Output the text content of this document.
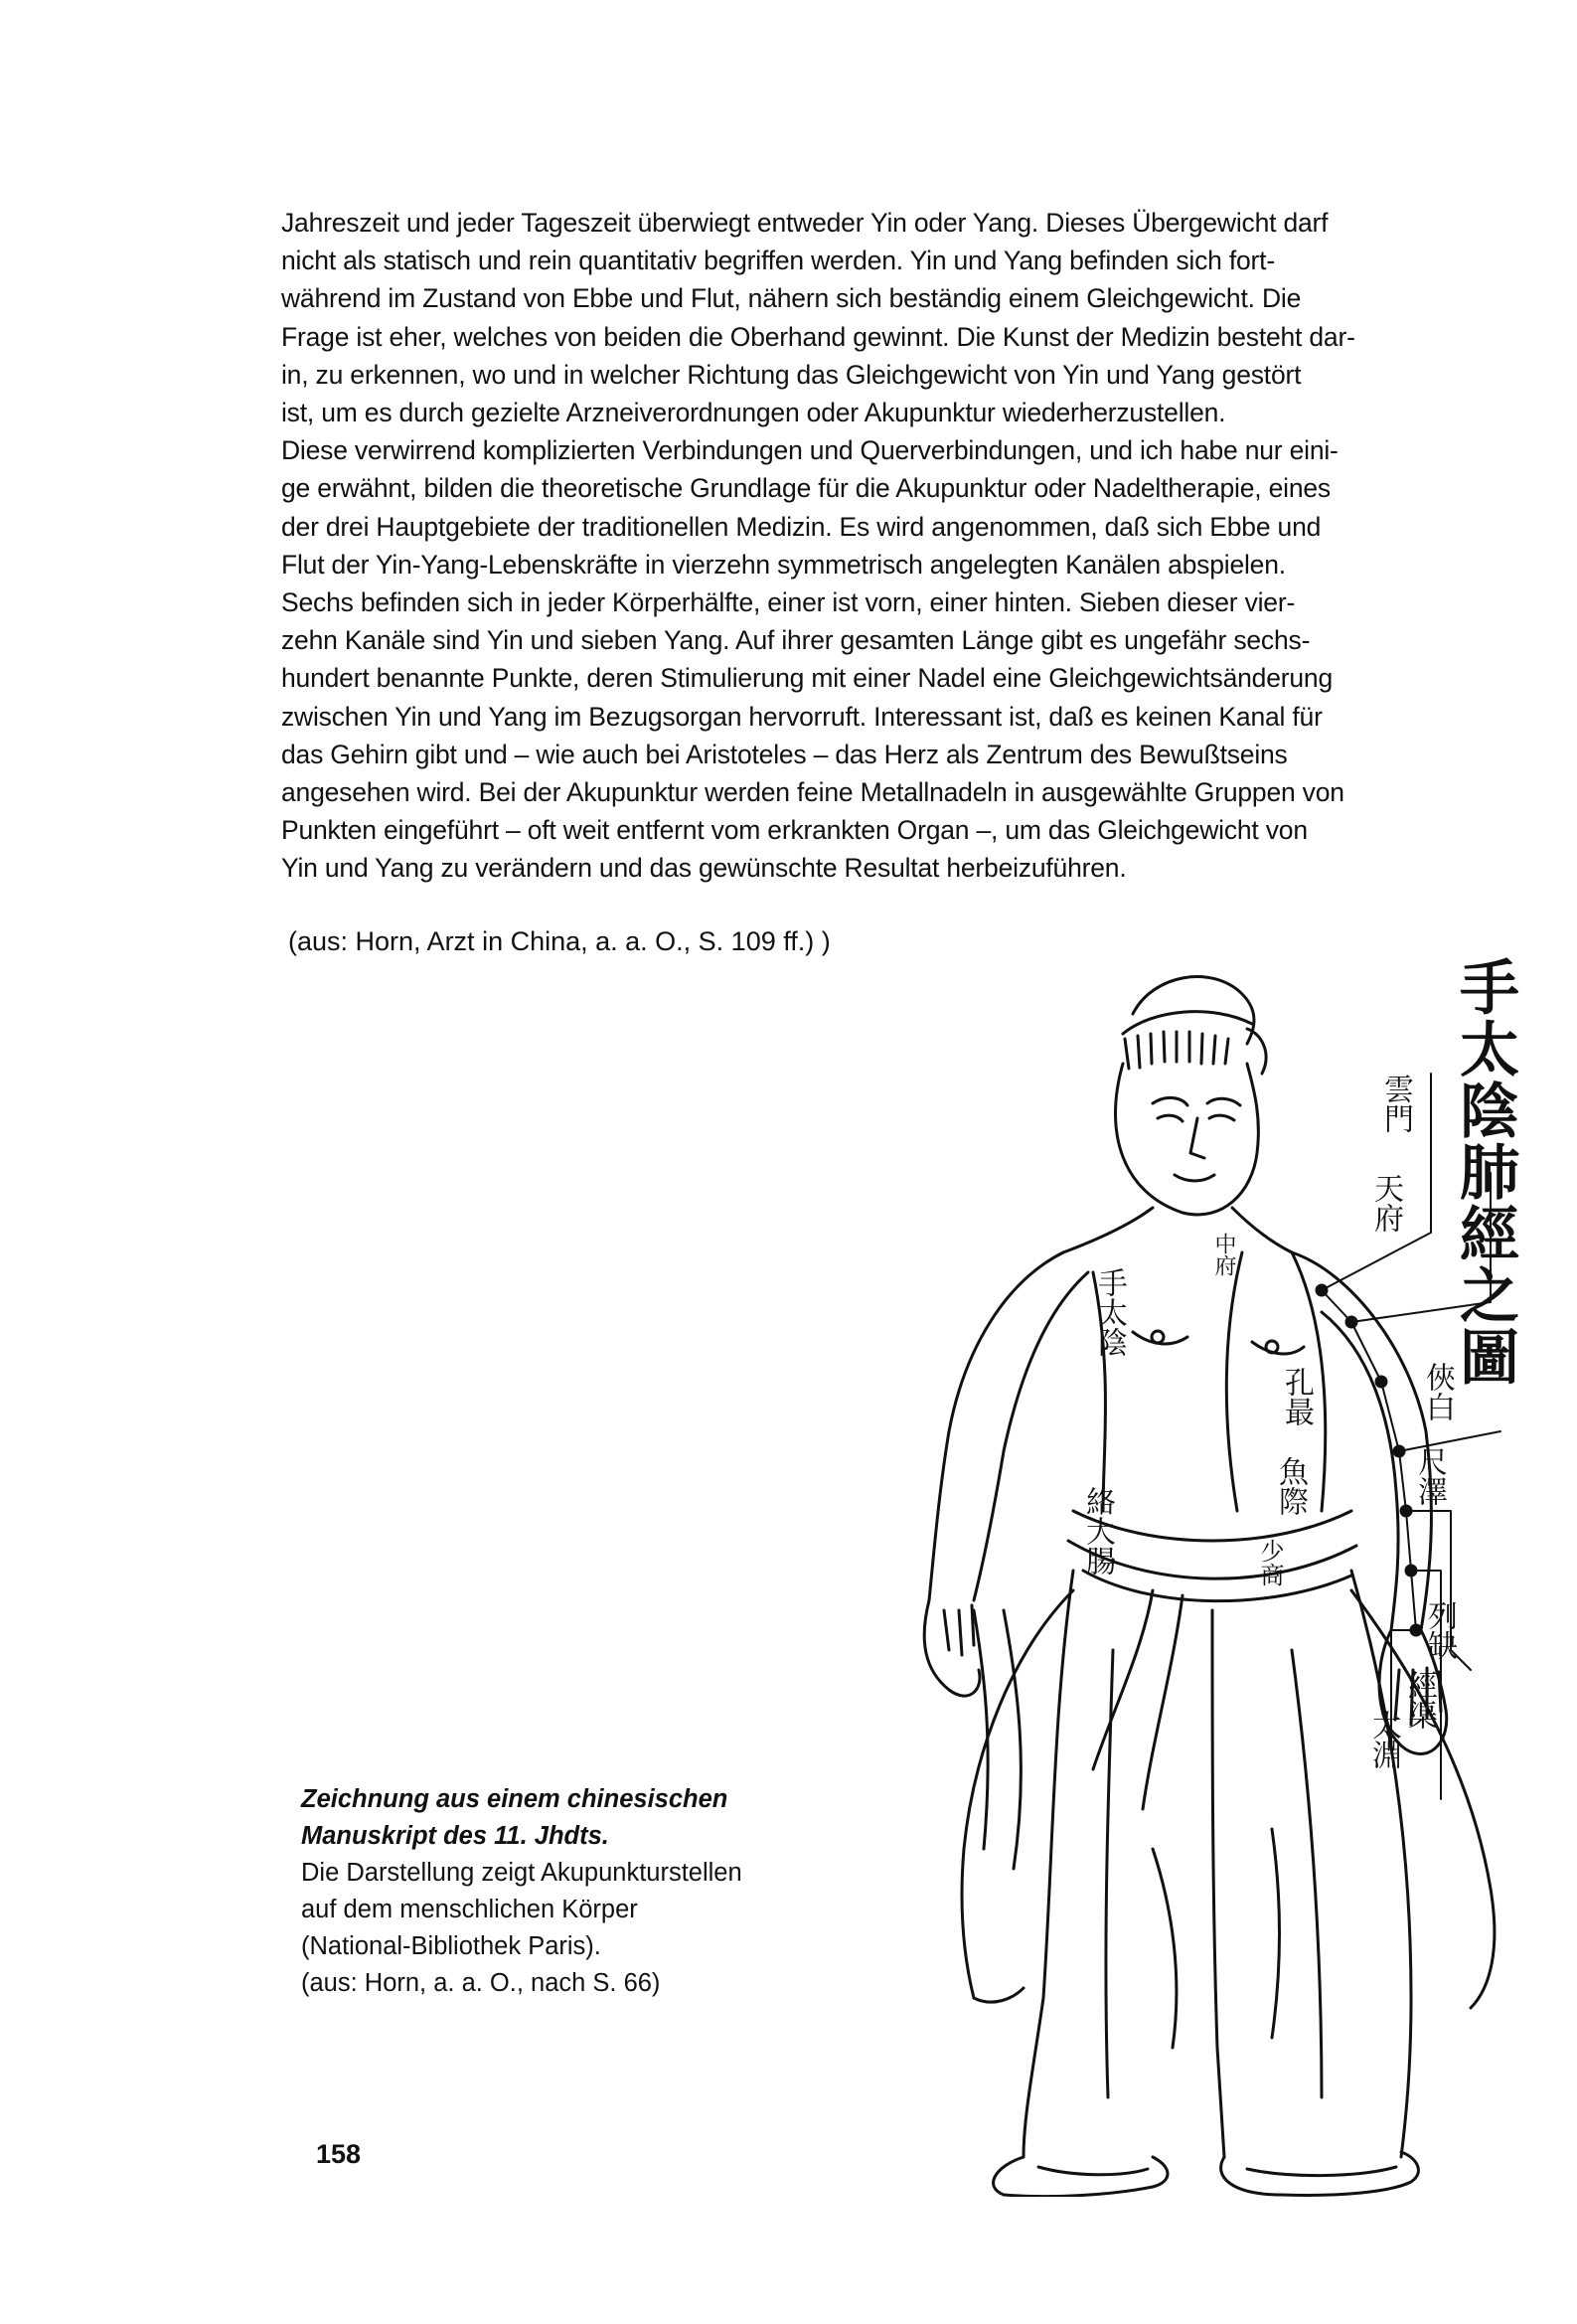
Jahreszeit und jeder Tageszeit überwiegt entweder Yin oder Yang. Dieses Übergewicht darf
nicht als statisch und rein quantitativ begriffen werden. Yin und Yang befinden sich fort-
während im Zustand von Ebbe und Flut, nähern sich beständig einem Gleichgewicht. Die
Frage ist eher, welches von beiden die Oberhand gewinnt. Die Kunst der Medizin besteht dar-
in, zu erkennen, wo und in welcher Richtung das Gleichgewicht von Yin und Yang gestört
ist, um es durch gezielte Arzneiverordnungen oder Akupunktur wiederherzustellen.

Diese verwirrend komplizierten Verbindungen und Querverbindungen, und ich habe nur eini-
ge erwähnt, bilden die theoretische Grundlage für die Akupunktur oder Nadeltherapie, eines
der drei Hauptgebiete der traditionellen Medizin. Es wird angenommen, daß sich Ebbe und
Flut der Yin-Yang-Lebenskräfte in vierzehn symmetrisch angelegten Kanälen abspielen.
Sechs befinden sich in jeder Körperhälfte, einer ist vorn, einer hinten. Sieben dieser vier-
zehn Kanäle sind Yin und sieben Yang. Auf ihrer gesamten Länge gibt es ungefähr sechs-
hundert benannte Punkte, deren Stimulierung mit einer Nadel eine Gleichgewichtsänderung
zwischen Yin und Yang im Bezugsorgan hervorruft. Interessant ist, daß es keinen Kanal für
das Gehirn gibt und – wie auch bei Aristoteles – das Herz als Zentrum des Bewußtseins
angesehen wird. Bei der Akupunktur werden feine Metallnadeln in ausgewählte Gruppen von
Punkten eingeführt – oft weit entfernt vom erkrankten Organ –, um das Gleichgewicht von
Yin und Yang zu verändern und das gewünschte Resultat herbeizuführen.

(aus: Horn, Arzt in China, a. a. O., S. 109 ff.) )
手太陰肺經之圖
雲門
天府
中府
俠白
尺澤
孔最
魚際
少商
列缺
經渠
太淵
手太陰
絡大腸

Zeichnung aus einem chinesischen

Manuskript des 11. Jhdts.

Die Darstellung zeigt Akupunkturstellen

auf dem menschlichen Körper

(National-Bibliothek Paris).

(aus: Horn, a. a. O., nach S. 66)

158
